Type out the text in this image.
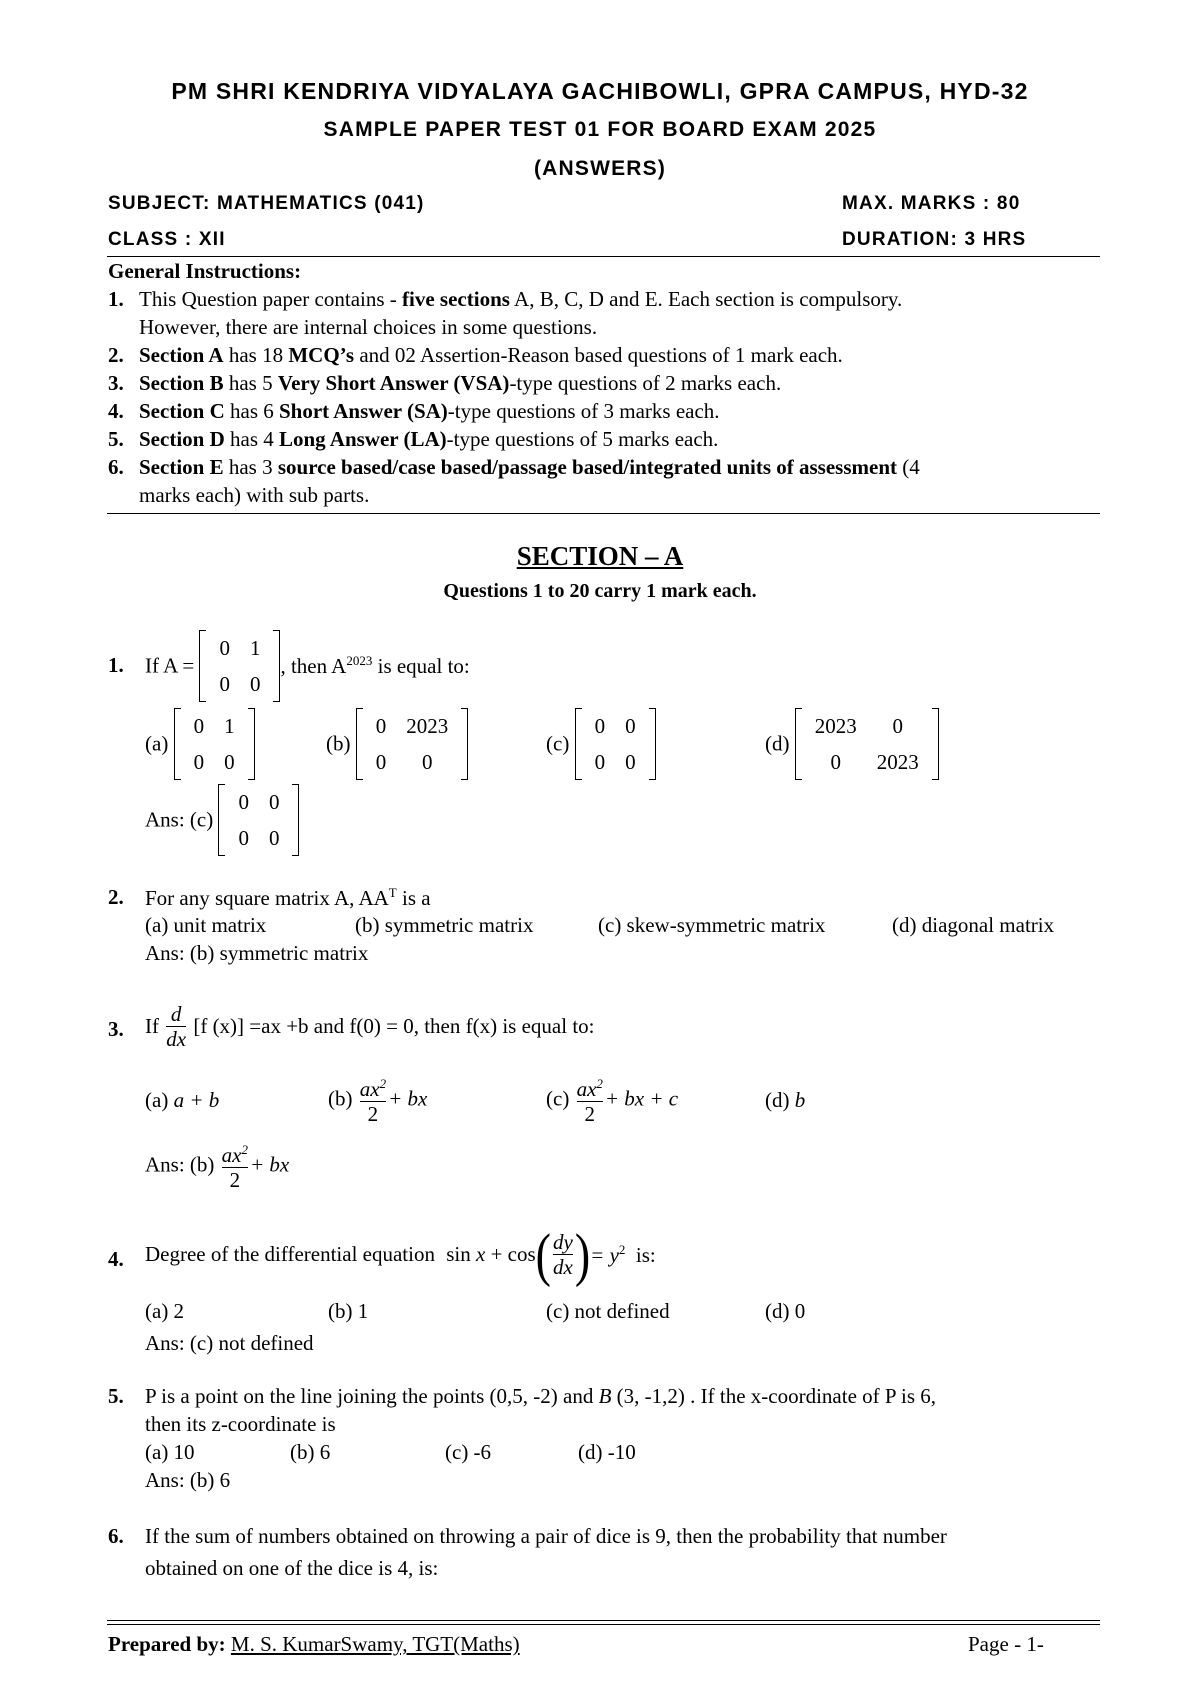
PM SHRI KENDRIYA VIDYALAYA GACHIBOWLI, GPRA CAMPUS, HYD-32
SAMPLE PAPER TEST 01 FOR BOARD EXAM 2025
(ANSWERS)
SUBJECT: MATHEMATICS (041)	MAX. MARKS : 80
CLASS : XII	DURATION: 3 HRS
General Instructions:
1. This Question paper contains - five sections A, B, C, D and E. Each section is compulsory.
However, there are internal choices in some questions.
2. Section A has 18 MCQ’s and 02 Assertion-Reason based questions of 1 mark each.
3. Section B has 5 Very Short Answer (VSA)-type questions of 2 marks each.
4. Section C has 6 Short Answer (SA)-type questions of 3 marks each.
5. Section D has 4 Long Answer (LA)-type questions of 5 marks each.
6. Section E has 3 source based/case based/passage based/integrated units of assessment (4
marks each) with sub parts.
SECTION – A
Questions 1 to 20 carry 1 mark each.
1. If A =
0	1
0	0
, then $A^{2023}$ is equal to:
(a)
0	1
0	0
(b)
0	2023
0	0
(c)
0	0
0	0
(d)
2023	0
0	2023
Ans: (c)
0	0
0	0
2. For any square matrix A, $AA^T$ is a
(a) unit matrix	(b) symmetric matrix	(c) skew-symmetric matrix	(d) diagonal matrix
Ans: (b) symmetric matrix
3. If $\frac{d}{dx} [f$ (x)] =ax +b and f(0) = 0, then f(x) is equal to:
(a) a + b	$(b) \frac{ax^2}{2}$ + bx	$(c) \frac{ax^2}{2}$ + bx + c	(d) b
Ans: $(b) \frac{ax^2}{2}$ + bx
4. Degree of the differential equation $\sin x + \cos( \frac{dy}{dx}$ )= $y^2$ is:
(a) 2	(b) 1	(c) not defined	(d) 0
Ans: (c) not defined
5. P is a point on the line joining the points (0,5, -2) and B (3, -1,2) . If the x-coordinate of P is 6,
then its z-coordinate is
(a) 10	(b) 6	(c) -6	(d) -10
Ans: (b) 6
6. If the sum of numbers obtained on throwing a pair of dice is 9, then the probability that number
obtained on one of the dice is 4, is:
Prepared by: M. S. KumarSwamy, TGT(Maths)	Page - 1-
